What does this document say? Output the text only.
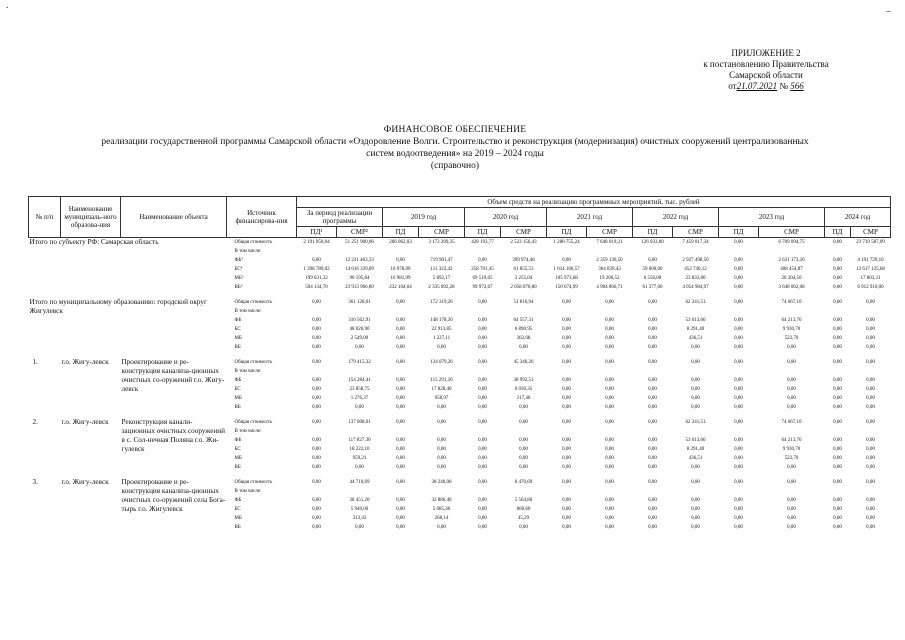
.
–
ПРИЛОЖЕНИЕ 2
к постановлению Правительства
Самарской области
от21.07.2021 № 566
ФИНАНСОВОЕ ОБЕСПЕЧЕНИЕ
реализации государственной программы Самарской области «Оздоровление Волги. Строительство и реконструкция (модернизация) очистных сооружений централизованных
систем водоотведения» на 2019 – 2024 годы
(справочно)
№ п/п	Наименование муниципаль-ного образова-ния	Наименование объекта	Источник финансирова-ния	Объем средств на реализацию программных мероприятий, тыс. рублей													
				За период реализации программы		2019 год		2020 год		2021 год		2022 год		2023 год		2024 год	
				ПД¹	СМР²	ПД	СМР	ПД	СМР	ПД	СМР	ПД	СМР	ПД	СМР	ПД	СМР
Итого по субъекту РФ: Самарская область			Общая стоимость	2 101 950,04	51 251 900,06	266 062,03	3 172 209,35	428 193,77	2 523 156,43	1 280 755,24	7 648 019,21	126 933,00	7 459 017,34	0,00	6 709 094,75	0,00	23 739 587,09
			В том числе:														
			ФБ³	0,00	12 231 403,33	0,00	719 901,47	0,00	399 974,46	0,00	2 359 136,50	0,00	2 927 498,50	0,00	2 631 173,30	0,00	4 191 729,10
			БС⁴	1 398 789,02	14 016 339,09	16 978,00	111 323,42	258 701,45	61 855,53	1 034 106,57	364 839,43	59 000,00	452 740,12	0,00	408 454,87	0,00	12 617 125,68
			МБ⁵	199 031,32	90 195,84	16 981,99	5 892,17	69 519,65	3 255,04	105 973,68	19 206,52	6 556,00	23 833,80	0,00	20 204,50	0,00	17 803,31
			ВБ⁶	504 134,70	23 913 966,80	232 104,04	2 335 092,28	99 972,67	2 058 070,80	150 674,99	4 904 866,71	61 377,00	4 054 984,97	0,00	3 648 062,08	0,00	6 912 910,00

Итого по муниципальному образованию: городской округ Жигулевск			Общая стоимость	0,00	361 128,61	0,00	172 319,26	0,00	51 810,94	0,00	0,00	0,00	62 341,51	0,00	74 667,10	0,00	0,00
			В том числе:														
			ФБ	0,00	310 562,91	0,00	148 178,30	0,00	64 557,31	0,00	0,00	0,00	53 613,60	0,00	64 213,70	0,00	0,00
			БС	0,00	48 026,90	0,00	22 913,85	0,00	6 890,95	0,00	0,00	0,00	8 291,40	0,00	9 930,70	0,00	0,00
			МБ	0,00	2 549,00	0,00	1 227,11	0,00	362,68	0,00	0,00	0,00	436,51	0,00	522,70	0,00	0,00
			ВБ	0,00	0,00	0,00	0,00	0,00	0,00	0,00	0,00	0,00	0,00	0,00	0,00	0,00	0,00

1.	г.о. Жигу-левск	Проектирование и ре-конструкция канализа-ционных очистных со-оружений г.о. Жигу-левск	Общая стоимость	0,00	179 415,32	0,00	134 079,26	0,00	45 340,26	0,00	0,00	0,00	0,00	0,00	0,00	0,00	0,00
			В том числе:														
			ФБ	0,00	154 284,41	0,00	115 291,30	0,00	38 992,51	0,00	0,00	0,00	0,00	0,00	0,00	0,00	0,00
			БС	0,00	23 858,75	0,00	17 828,40	0,00	6 030,35	0,00	0,00	0,00	0,00	0,00	0,00	0,00	0,00
			МБ	0,00	1 276,37	0,00	958,97	0,00	317,40	0,00	0,00	0,00	0,00	0,00	0,00	0,00	0,00
			ВБ	0,00	0,00	0,00	0,00	0,00	0,00	0,00	0,00	0,00	0,00	0,00	0,00	0,00	0,00

2.	г.о. Жигу-левск	Реконструкция канали-зационных очистных сооружений в с. Сол-нечная Поляна г.о. Жи-гулевск	Общая стоимость	0,00	137 008,61	0,00	0,00	0,00	0,00	0,00	0,00	0,00	62 341,51	0,00	74 667,10	0,00	0,00
			В том числе:														
			ФБ	0,00	117 827,30	0,00	0,00	0,00	0,00	0,00	0,00	0,00	53 613,60	0,00	64 213,70	0,00	0,00
			БС	0,00	18 222,10	0,00	0,00	0,00	0,00	0,00	0,00	0,00	8 291,40	0,00	9 930,70	0,00	0,00
			МБ	0,00	959,21	0,00	0,00	0,00	0,00	0,00	0,00	0,00	436,51	0,00	522,70	0,00	0,00
			ВБ	0,00	0,00	0,00	0,00	0,00	0,00	0,00	0,00	0,00	0,00	0,00	0,00	0,00	0,00

3.	г.о. Жигу-левск	Проектирование и ре-конструкция канализа-ционных очистных со-оружений села Бога-тырь г.о. Жигулевск	Общая стоимость	0,00	44 710,69	0,00	38 240,00	0,00	6 470,69	0,00	0,00	0,00	0,00	0,00	0,00	0,00	0,00
			В том числе:														
			ФБ	0,00	38 451,20	0,00	32 886,40	0,00	5 564,80	0,00	0,00	0,00	0,00	0,00	0,00	0,00	0,00
			БС	0,00	5 946,06	0,00	5 085,46	0,00	860,60	0,00	0,00	0,00	0,00	0,00	0,00	0,00	0,00
			МБ	0,00	313,43	0,00	268,14	0,00	45,29	0,00	0,00	0,00	0,00	0,00	0,00	0,00	0,00
			ВБ	0,00	0,00	0,00	0,00	0,00	0,00	0,00	0,00	0,00	0,00	0,00	0,00	0,00	0,00
